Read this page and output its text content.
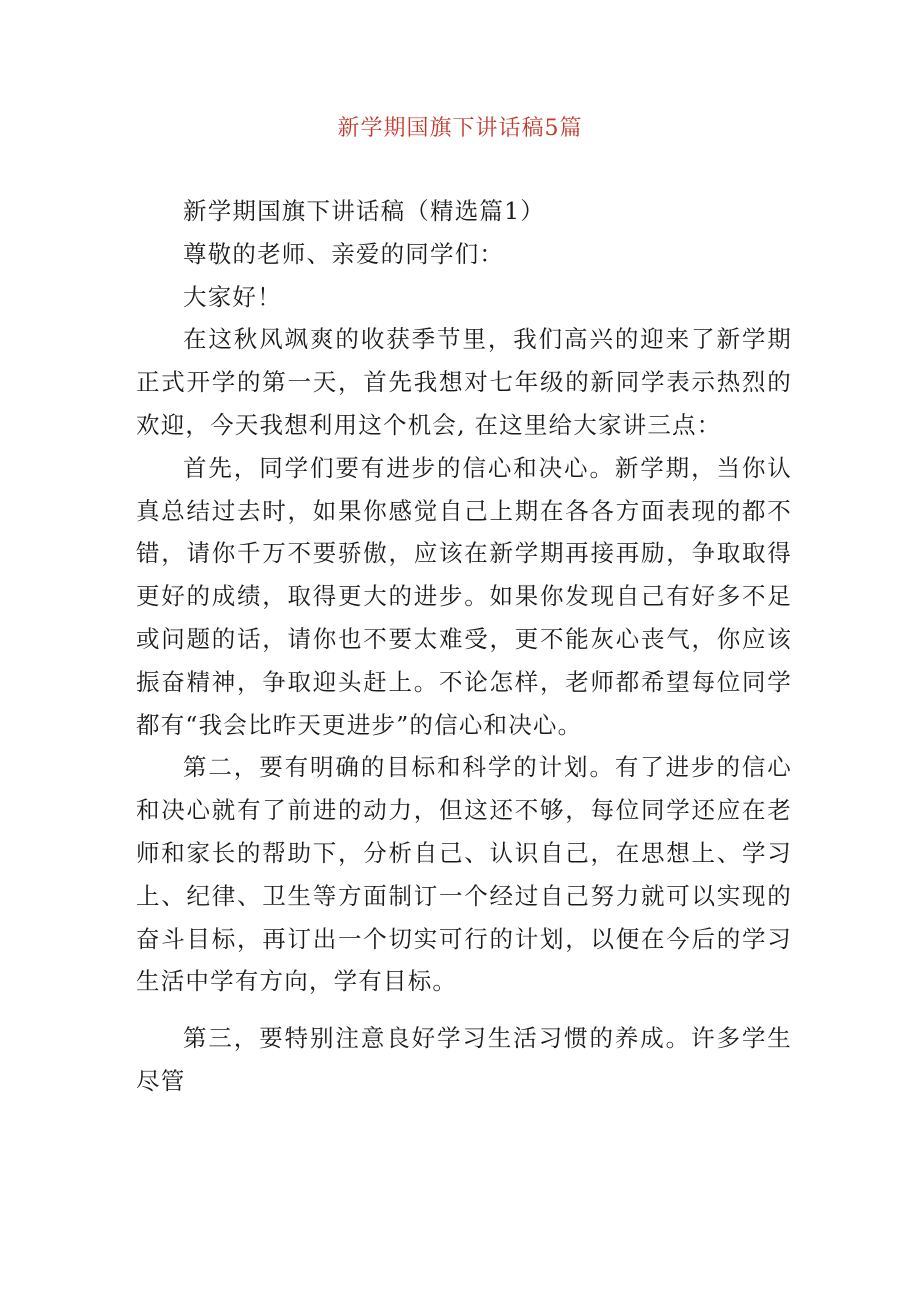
新学期国旗下讲话稿5篇

新学期国旗下讲话稿（精选篇1）

尊敬的老师、亲爱的同学们：

大家好！

在这秋风飒爽的收获季节里，我们高兴的迎来了新学期正式开学的第一天，首先我想对七年级的新同学表示热烈的欢迎，今天我想利用这个机会, 在这里给大家讲三点：

首先，同学们要有进步的信心和决心。新学期，当你认真总结过去时，如果你感觉自己上期在各各方面表现的都不错，请你千万不要骄傲，应该在新学期再接再励，争取取得更好的成绩，取得更大的进步。如果你发现自己有好多不足或问题的话，请你也不要太难受，更不能灰心丧气，你应该振奋精神，争取迎头赶上。不论怎样，老师都希望每位同学都有“我会比昨天更进步”的信心和决心。

第二，要有明确的目标和科学的计划。有了进步的信心和决心就有了前进的动力，但这还不够，每位同学还应在老师和家长的帮助下，分析自己、认识自己，在思想上、学习上、纪律、卫生等方面制订一个经过自己努力就可以实现的奋斗目标，再订出一个切实可行的计划，以便在今后的学习生活中学有方向，学有目标。

第三，要特别注意良好学习生活习惯的养成。许多学生尽管
